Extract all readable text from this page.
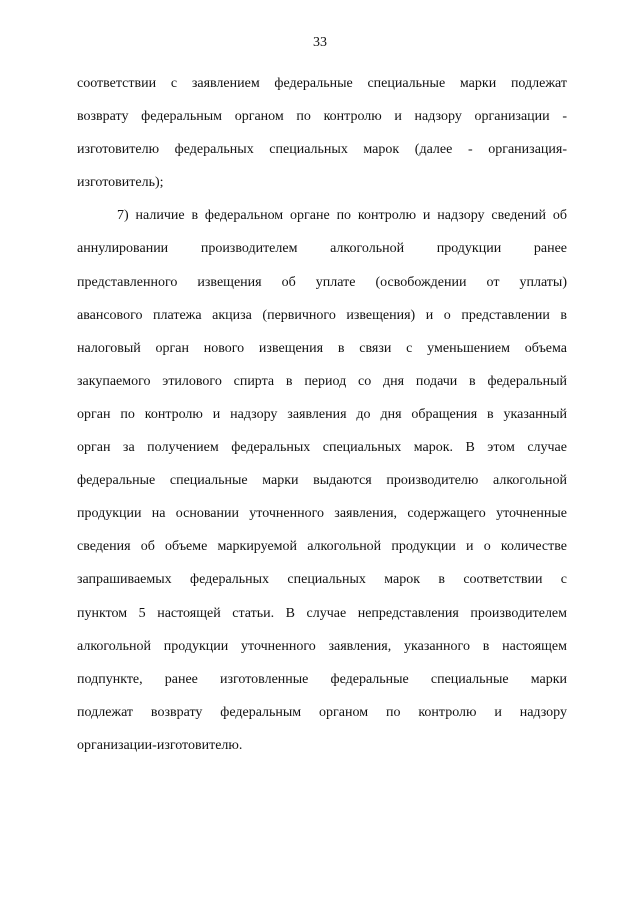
33
соответствии с заявлением федеральные специальные марки подлежат
возврату федеральным органом по контролю и надзору организации -
изготовителю федеральных специальных марок (далее - организация-
изготовитель);
7) наличие в федеральном органе по контролю и надзору сведений об
аннулировании производителем алкогольной продукции ранее
представленного извещения об уплате (освобождении от уплаты)
авансового платежа акциза (первичного извещения) и о представлении в
налоговый орган нового извещения в связи с уменьшением объема
закупаемого этилового спирта в период со дня подачи в федеральный
орган по контролю и надзору заявления до дня обращения в указанный
орган за получением федеральных специальных марок. В этом случае
федеральные специальные марки выдаются производителю алкогольной
продукции на основании уточненного заявления, содержащего уточненные
сведения об объеме маркируемой алкогольной продукции и о количестве
запрашиваемых федеральных специальных марок в соответствии с
пунктом 5 настоящей статьи. В случае непредставления производителем
алкогольной продукции уточненного заявления, указанного в настоящем
подпункте, ранее изготовленные федеральные специальные марки
подлежат возврату федеральным органом по контролю и надзору
организации-изготовителю.
